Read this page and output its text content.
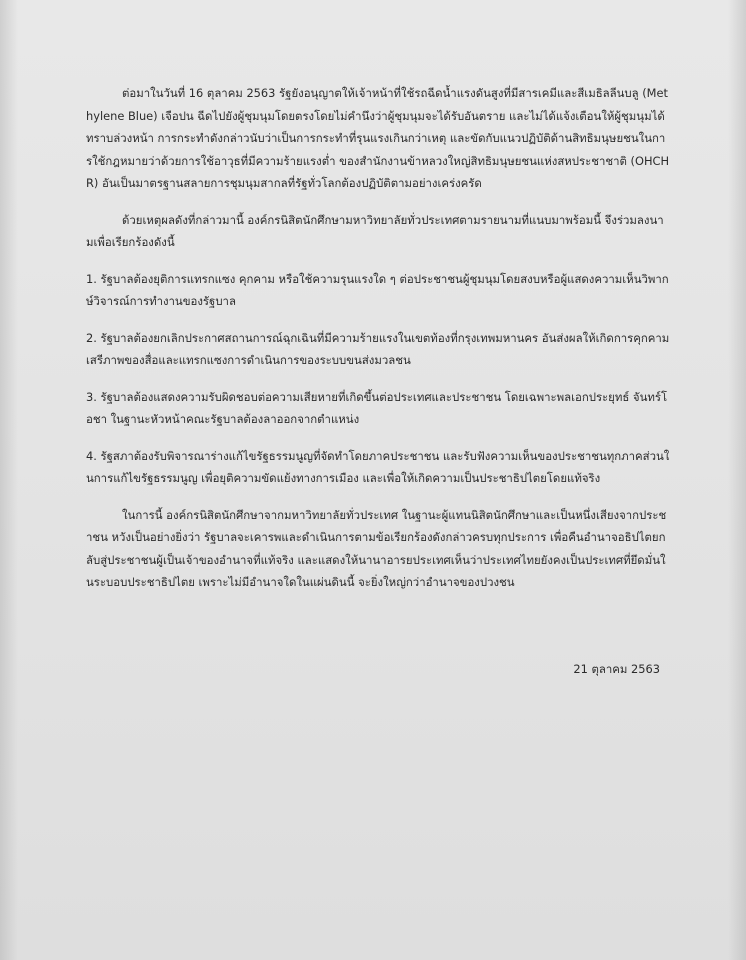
ต่อมาในวันที่ 16 ตุลาคม 2563 รัฐยังอนุญาตให้เจ้าหน้าที่ใช้รถฉีดน้ำแรงดันสูงที่มีสารเคมีและสีเมธิลลีนบลู (Methylene Blue) เจือปน ฉีดไปยังผู้ชุมนุมโดยตรงโดยไม่คำนึงว่าผู้ชุมนุมจะได้รับอันตราย และไม่ได้แจ้งเตือนให้ผู้ชุมนุมได้ทราบล่วงหน้า การกระทำดังกล่าวนับว่าเป็นการกระทำที่รุนแรงเกินกว่าเหตุ และขัดกับแนวปฏิบัติด้านสิทธิมนุษยชนในการใช้กฎหมายว่าด้วยการใช้อาวุธที่มีความร้ายแรงต่ำ ของสำนักงานข้าหลวงใหญ่สิทธิมนุษยชนแห่งสหประชาชาติ (OHCHR) อันเป็นมาตรฐานสลายการชุมนุมสากลที่รัฐทั่วโลกต้องปฏิบัติตามอย่างเคร่งครัด

ด้วยเหตุผลดังที่กล่าวมานี้ องค์กรนิสิตนักศึกษามหาวิทยาลัยทั่วประเทศตามรายนามที่แนบมาพร้อมนี้ จึงร่วมลงนามเพื่อเรียกร้องดังนี้

1. รัฐบาลต้องยุติการแทรกแซง คุกคาม หรือใช้ความรุนแรงใด ๆ ต่อประชาชนผู้ชุมนุมโดยสงบหรือผู้แสดงความเห็นวิพากษ์วิจารณ์การทำงานของรัฐบาล

2. รัฐบาลต้องยกเลิกประกาศสถานการณ์ฉุกเฉินที่มีความร้ายแรงในเขตท้องที่กรุงเทพมหานคร อันส่งผลให้เกิดการคุกคามเสรีภาพของสื่อและแทรกแซงการดำเนินการของระบบขนส่งมวลชน

3. รัฐบาลต้องแสดงความรับผิดชอบต่อความเสียหายที่เกิดขึ้นต่อประเทศและประชาชน โดยเฉพาะพลเอกประยุทธ์ จันทร์โอชา ในฐานะหัวหน้าคณะรัฐบาลต้องลาออกจากตำแหน่ง

4. รัฐสภาต้องรับพิจารณาร่างแก้ไขรัฐธรรมนูญที่จัดทำโดยภาคประชาชน และรับฟังความเห็นของประชาชนทุกภาคส่วนในการแก้ไขรัฐธรรมนูญ เพื่อยุติความขัดแย้งทางการเมือง และเพื่อให้เกิดความเป็นประชาธิปไตยโดยแท้จริง

ในการนี้ องค์กรนิสิตนักศึกษาจากมหาวิทยาลัยทั่วประเทศ ในฐานะผู้แทนนิสิตนักศึกษาและเป็นหนึ่งเสียงจากประชาชน หวังเป็นอย่างยิ่งว่า รัฐบาลจะเคารพและดำเนินการตามข้อเรียกร้องดังกล่าวครบทุกประการ เพื่อคืนอำนาจอธิปไตยกลับสู่ประชาชนผู้เป็นเจ้าของอำนาจที่แท้จริง และแสดงให้นานาอารยประเทศเห็นว่าประเทศไทยยังคงเป็นประเทศที่ยึดมั่นในระบอบประชาธิปไตย เพราะไม่มีอำนาจใดในแผ่นดินนี้ จะยิ่งใหญ่กว่าอำนาจของปวงชน

21 ตุลาคม 2563
